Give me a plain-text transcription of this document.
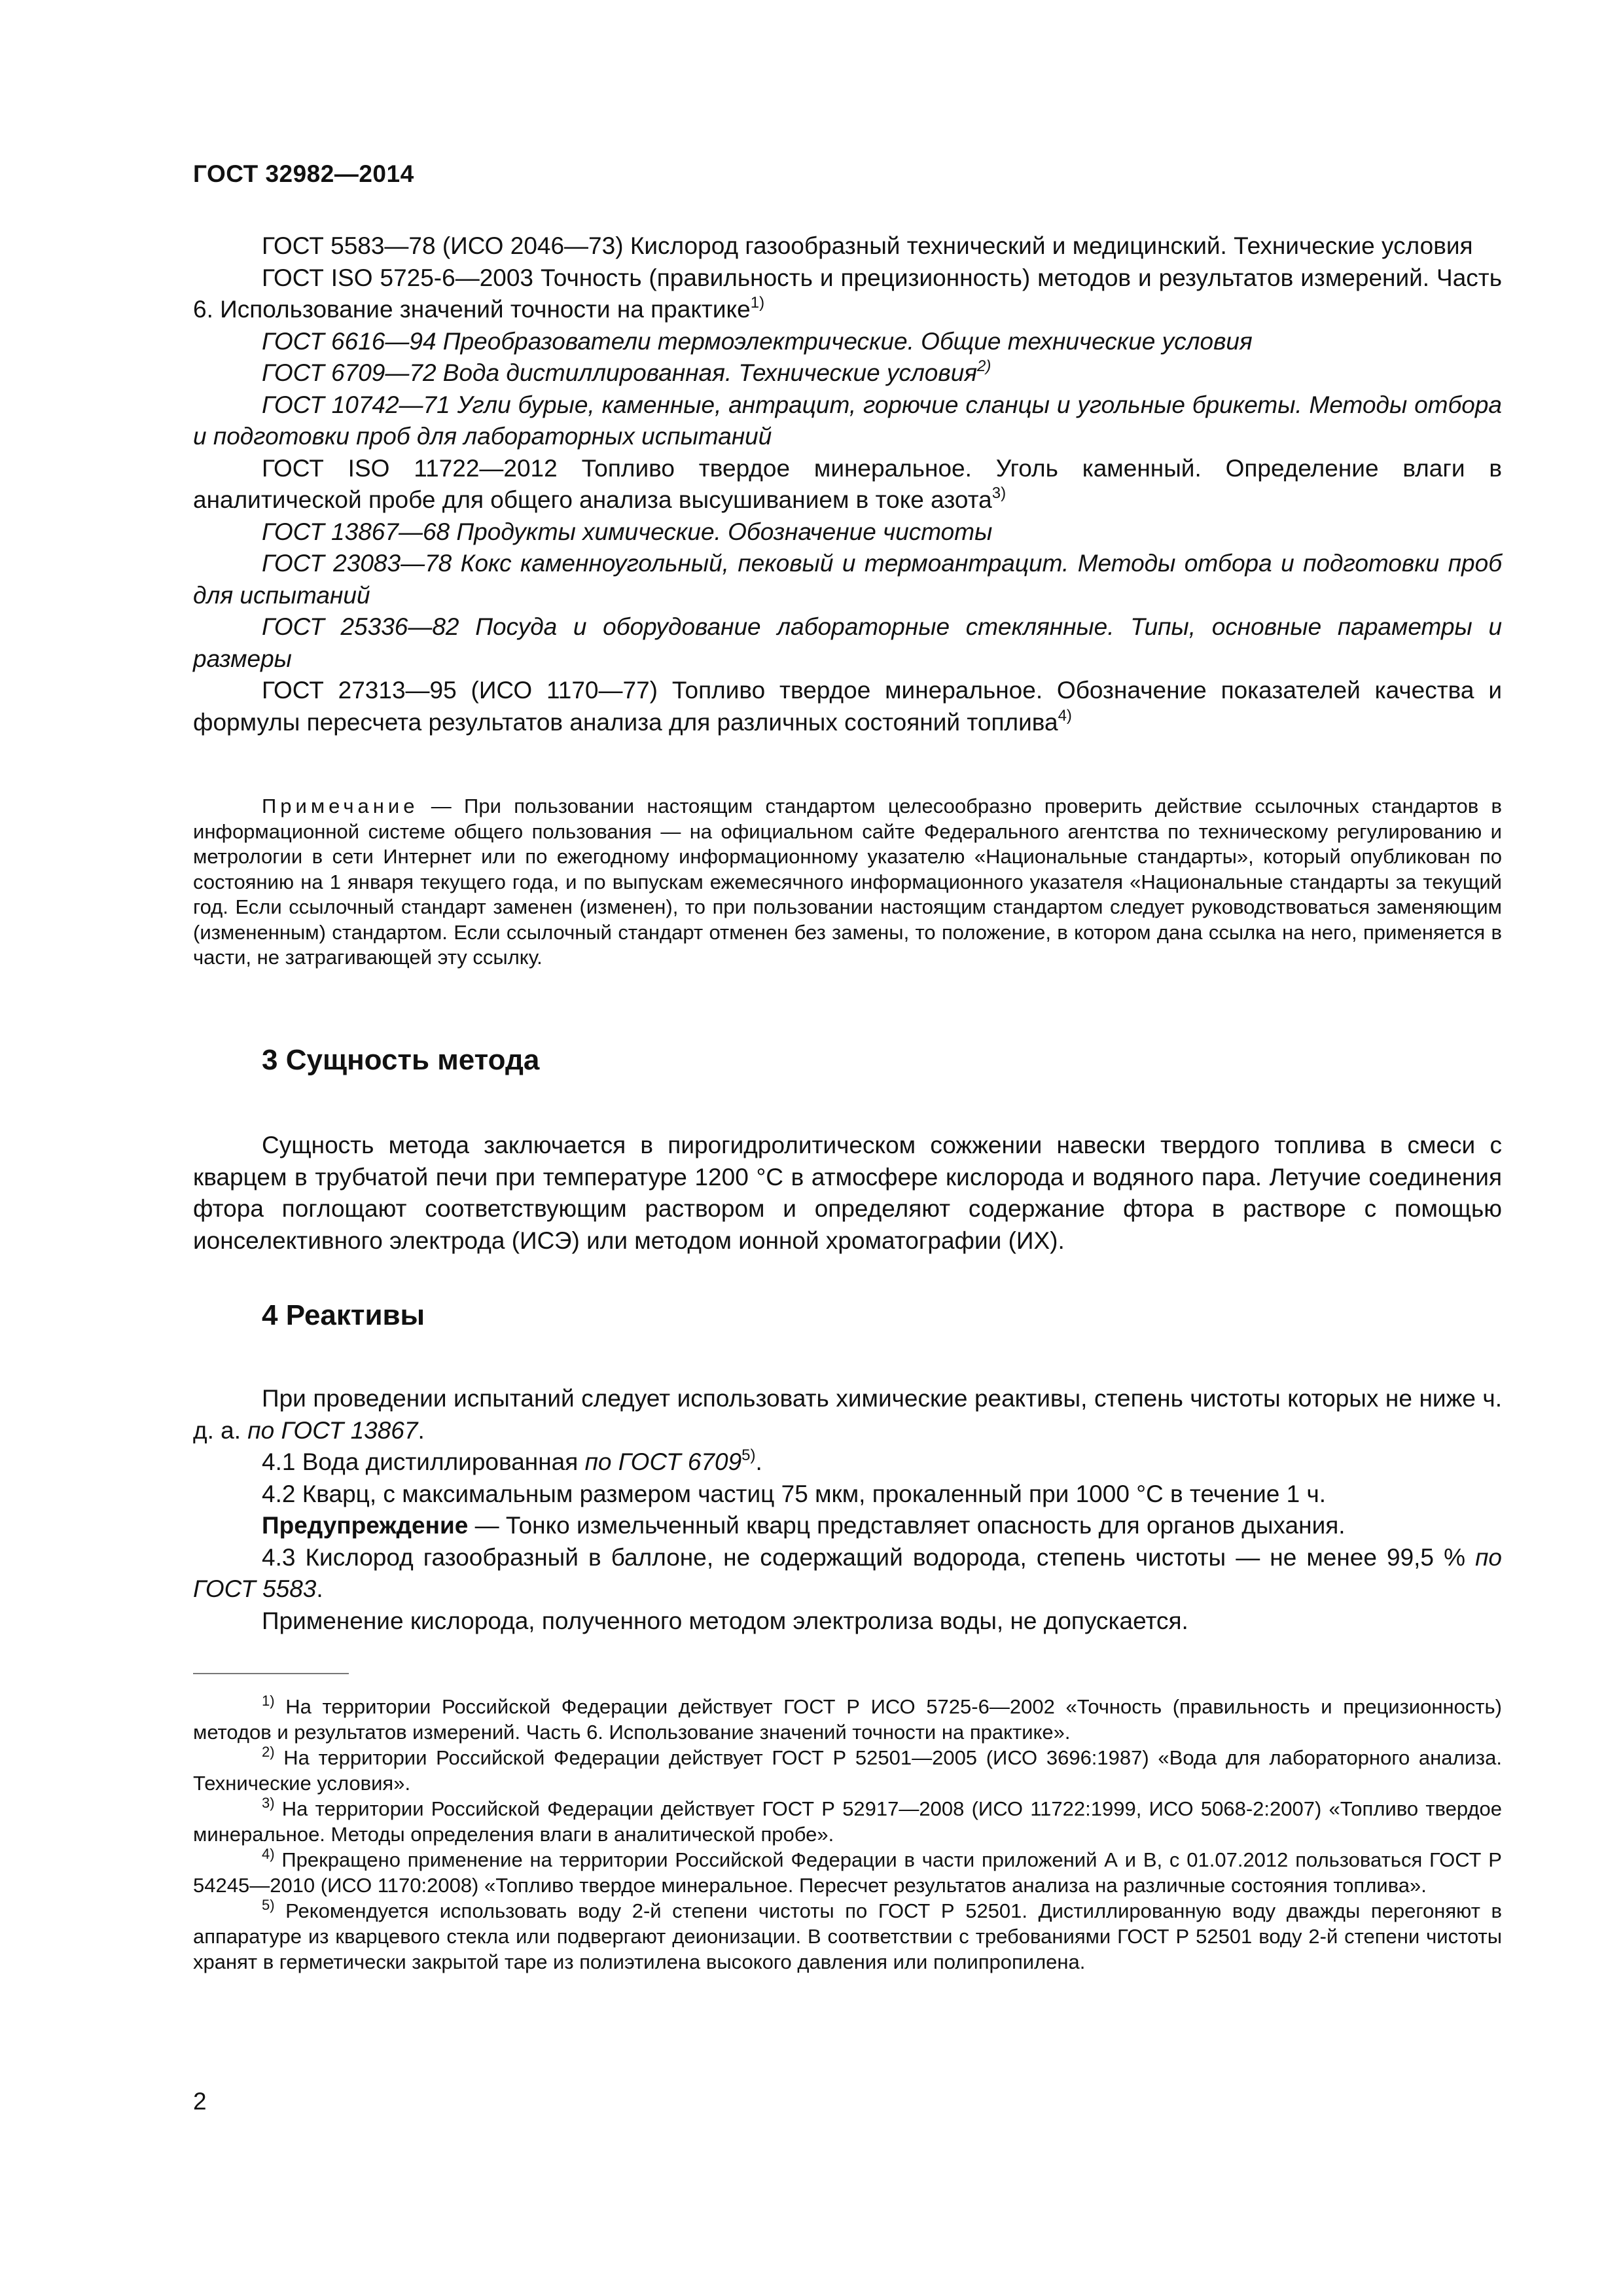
ГОСТ 32982—2014

ГОСТ 5583—78 (ИСО 2046—73) Кислород газообразный технический и медицинский. Технические условия

ГОСТ ISO 5725-6—2003 Точность (правильность и прецизионность) методов и результатов измерений. Часть 6. Использование значений точности на практике$^{1)}$

ГОСТ 6616—94 Преобразователи термоэлектрические. Общие технические условия

ГОСТ 6709—72 Вода дистиллированная. Технические условия$^{2)}$

ГОСТ 10742—71 Угли бурые, каменные, антрацит, горючие сланцы и угольные брикеты. Методы отбора и подготовки проб для лабораторных испытаний

ГОСТ ISO 11722—2012 Топливо твердое минеральное. Уголь каменный. Определение влаги в аналитической пробе для общего анализа высушиванием в токе азота$^{3)}$

ГОСТ 13867—68 Продукты химические. Обозначение чистоты

ГОСТ 23083—78 Кокс каменноугольный, пековый и термоантрацит. Методы отбора и подготовки проб для испытаний

ГОСТ 25336—82 Посуда и оборудование лабораторные стеклянные. Типы, основные параметры и размеры

ГОСТ 27313—95 (ИСО 1170—77) Топливо твердое минеральное. Обозначение показателей качества и формулы пересчета результатов анализа для различных состояний топлива$^{4)}$

Примечание — При пользовании настоящим стандартом целесообразно проверить действие ссылочных стандартов в информационной системе общего пользования — на официальном сайте Федерального агентства по техническому регулированию и метрологии в сети Интернет или по ежегодному информационному указателю «Национальные стандарты», который опубликован по состоянию на 1 января текущего года, и по выпускам ежемесячного информационного указателя «Национальные стандарты за текущий год. Если ссылочный стандарт заменен (изменен), то при пользовании настоящим стандартом следует руководствоваться заменяющим (измененным) стандартом. Если ссылочный стандарт отменен без замены, то положение, в котором дана ссылка на него, применяется в части, не затрагивающей эту ссылку.

3 Сущность метода

Сущность метода заключается в пирогидролитическом сожжении навески твердого топлива в смеси с кварцем в трубчатой печи при температуре 1200 °C в атмосфере кислорода и водяного пара. Летучие соединения фтора поглощают соответствующим раствором и определяют содержание фтора в растворе с помощью ионселективного электрода (ИСЭ) или методом ионной хроматографии (ИХ).

4 Реактивы

При проведении испытаний следует использовать химические реактивы, степень чистоты которых не ниже ч. д. а. по ГОСТ 13867.

4.1 Вода дистиллированная по ГОСТ 6709$^{5)}$.

4.2 Кварц, с максимальным размером частиц 75 мкм, прокаленный при 1000 °C в течение 1 ч.

Предупреждение — Тонко измельченный кварц представляет опасность для органов дыхания.

4.3 Кислород газообразный в баллоне, не содержащий водорода, степень чистоты — не менее 99,5 % по ГОСТ 5583.

Применение кислорода, полученного методом электролиза воды, не допускается.

$^{1)}$ На территории Российской Федерации действует ГОСТ Р ИСО 5725-6—2002 «Точность (правильность и прецизионность) методов и результатов измерений. Часть 6. Использование значений точности на практике».

$^{2)}$ На территории Российской Федерации действует ГОСТ Р 52501—2005 (ИСО 3696:1987) «Вода для лабораторного анализа. Технические условия».

$^{3)}$ На территории Российской Федерации действует ГОСТ Р 52917—2008 (ИСО 11722:1999, ИСО 5068-2:2007) «Топливо твердое минеральное. Методы определения влаги в аналитической пробе».

$^{4)}$ Прекращено применение на территории Российской Федерации в части приложений А и В, с 01.07.2012 пользоваться ГОСТ Р 54245—2010 (ИСО 1170:2008) «Топливо твердое минеральное. Пересчет результатов анализа на различные состояния топлива».

$^{5)}$ Рекомендуется использовать воду 2-й степени чистоты по ГОСТ Р 52501. Дистиллированную воду дважды перегоняют в аппаратуре из кварцевого стекла или подвергают деионизации. В соответствии с требованиями ГОСТ Р 52501 воду 2-й степени чистоты хранят в герметически закрытой таре из полиэтилена высокого давления или полипропилена.

2
